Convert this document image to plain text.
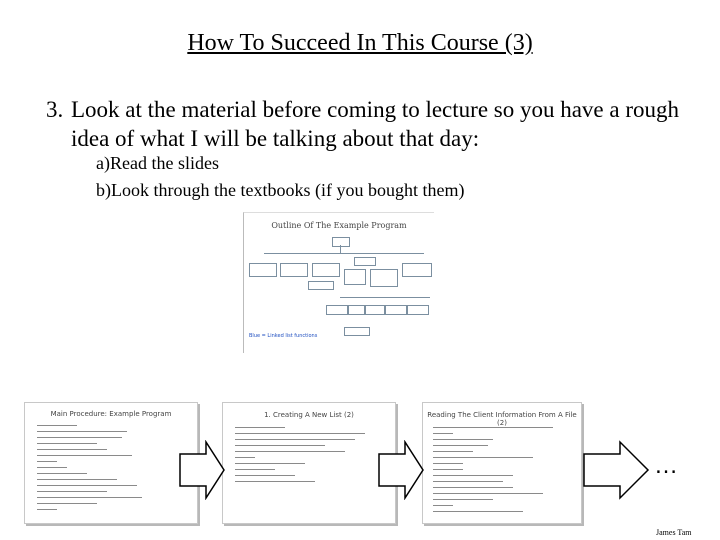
How To Succeed In This Course (3)
3. Look at the material before coming to lecture so you have a rough idea of what I will be talking about that day:
a)Read the slides
b)Look through the textbooks (if you bought them)
Outline Of The Example Program
Blue = Linked list functions
Main Procedure: Example Program	1. Creating A New List (2)	Reading The Client Information From A File (2)
…
James Tam
